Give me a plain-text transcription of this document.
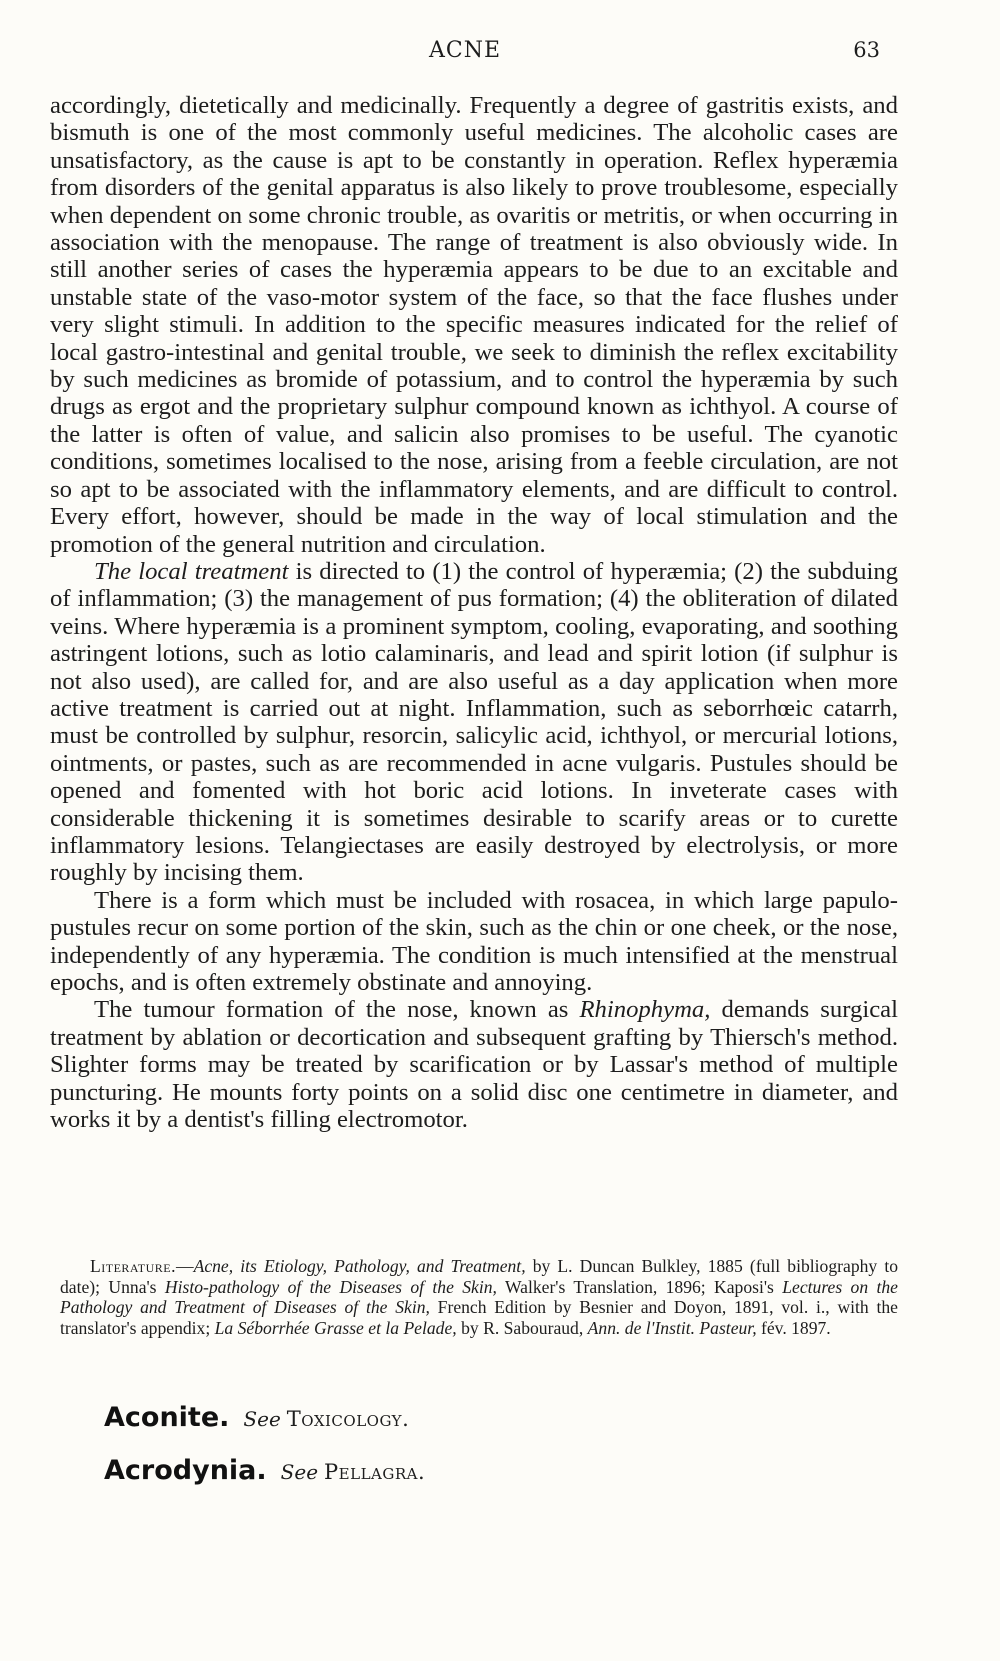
ACNE	63

accordingly, dietetically and medicinally. Frequently a degree of gastritis exists, and bismuth is one of the most commonly useful medicines. The alcoholic cases are unsatisfactory, as the cause is apt to be constantly in operation. Reflex hyperæmia from disorders of the genital apparatus is also likely to prove troublesome, especially when dependent on some chronic trouble, as ovaritis or metritis, or when occurring in association with the menopause. The range of treatment is also obviously wide. In still another series of cases the hyperæmia appears to be due to an excitable and unstable state of the vaso-motor system of the face, so that the face flushes under very slight stimuli. In addition to the specific measures indicated for the relief of local gastro-intestinal and genital trouble, we seek to diminish the reflex excitability by such medicines as bromide of potassium, and to control the hyperæmia by such drugs as ergot and the proprietary sulphur compound known as ichthyol. A course of the latter is often of value, and salicin also promises to be useful. The cyanotic conditions, sometimes localised to the nose, arising from a feeble circulation, are not so apt to be associated with the inflammatory elements, and are difficult to control. Every effort, however, should be made in the way of local stimulation and the promotion of the general nutrition and circulation.

The local treatment is directed to (1) the control of hyperæmia; (2) the subduing of inflammation; (3) the management of pus formation; (4) the obliteration of dilated veins. Where hyperæmia is a prominent symptom, cooling, evaporating, and soothing astringent lotions, such as lotio calaminaris, and lead and spirit lotion (if sulphur is not also used), are called for, and are also useful as a day application when more active treatment is carried out at night. Inflammation, such as seborrhœic catarrh, must be controlled by sulphur, resorcin, salicylic acid, ichthyol, or mercurial lotions, ointments, or pastes, such as are recommended in acne vulgaris. Pustules should be opened and fomented with hot boric acid lotions. In inveterate cases with considerable thickening it is sometimes desirable to scarify areas or to curette inflammatory lesions. Telangiectases are easily destroyed by electrolysis, or more roughly by incising them.

There is a form which must be included with rosacea, in which large papulo-pustules recur on some portion of the skin, such as the chin or one cheek, or the nose, independently of any hyperæmia. The condition is much intensified at the menstrual epochs, and is often extremely obstinate and annoying.

The tumour formation of the nose, known as Rhinophyma, demands surgical treatment by ablation or decortication and subsequent grafting by Thiersch's method. Slighter forms may be treated by scarification or by Lassar's method of multiple puncturing. He mounts forty points on a solid disc one centimetre in diameter, and works it by a dentist's filling electromotor.

Literature.—Acne, its Etiology, Pathology, and Treatment, by L. Duncan Bulkley, 1885 (full bibliography to date); Unna's Histo-pathology of the Diseases of the Skin, Walker's Translation, 1896; Kaposi's Lectures on the Pathology and Treatment of Diseases of the Skin, French Edition by Besnier and Doyon, 1891, vol. i., with the translator's appendix; La Séborrhée Grasse et la Pelade, by R. Sabouraud, Ann. de l'Instit. Pasteur, fév. 1897.
Aconite. See Toxicology.
Acrodynia. See Pellagra.
